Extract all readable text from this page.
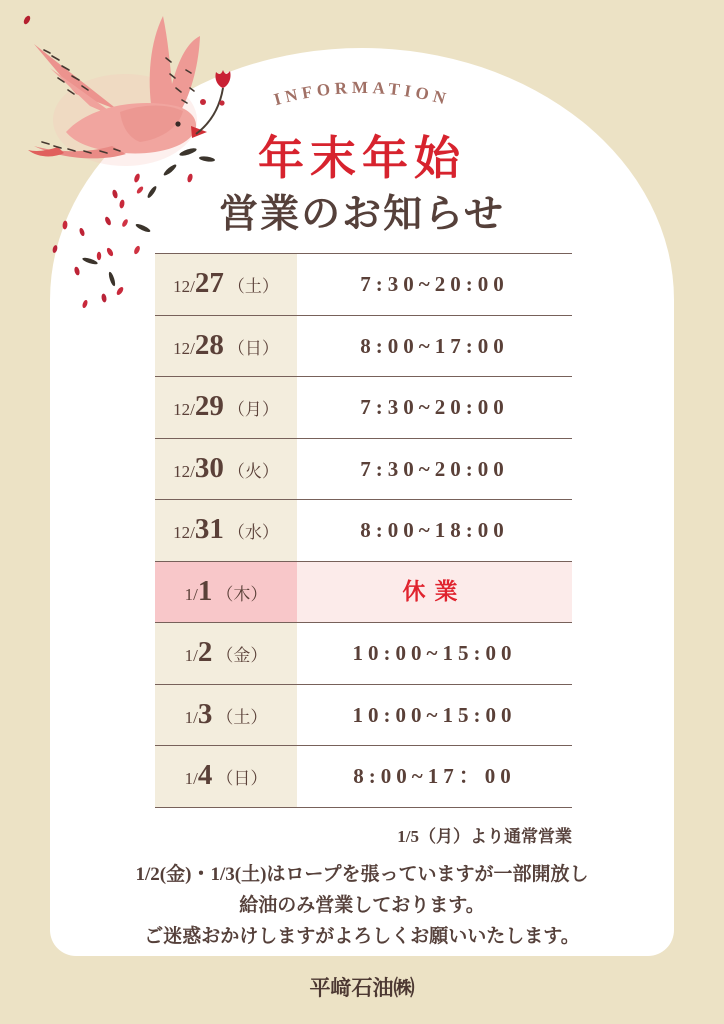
INFORMATION
年末年始
営業のお知らせ
12/27 （土）	7:30~20:00
12/28 （日）	8:00~17:00
12/29 （月）	7:30~20:00
12/30 （火）	7:30~20:00
12/31 （水）	8:00~18:00
1/1 （木）	休業
1/2 （金）	10:00~15:00
1/3 （土）	10:00~15:00
1/4 （日）	8:00~17：00
1/5（月）より通常営業
1/2(金)・1/3(土)はロープを張っていますが一部開放し
給油のみ営業しております。
ご迷惑おかけしますがよろしくお願いいたします。
平﨑石油㈱
